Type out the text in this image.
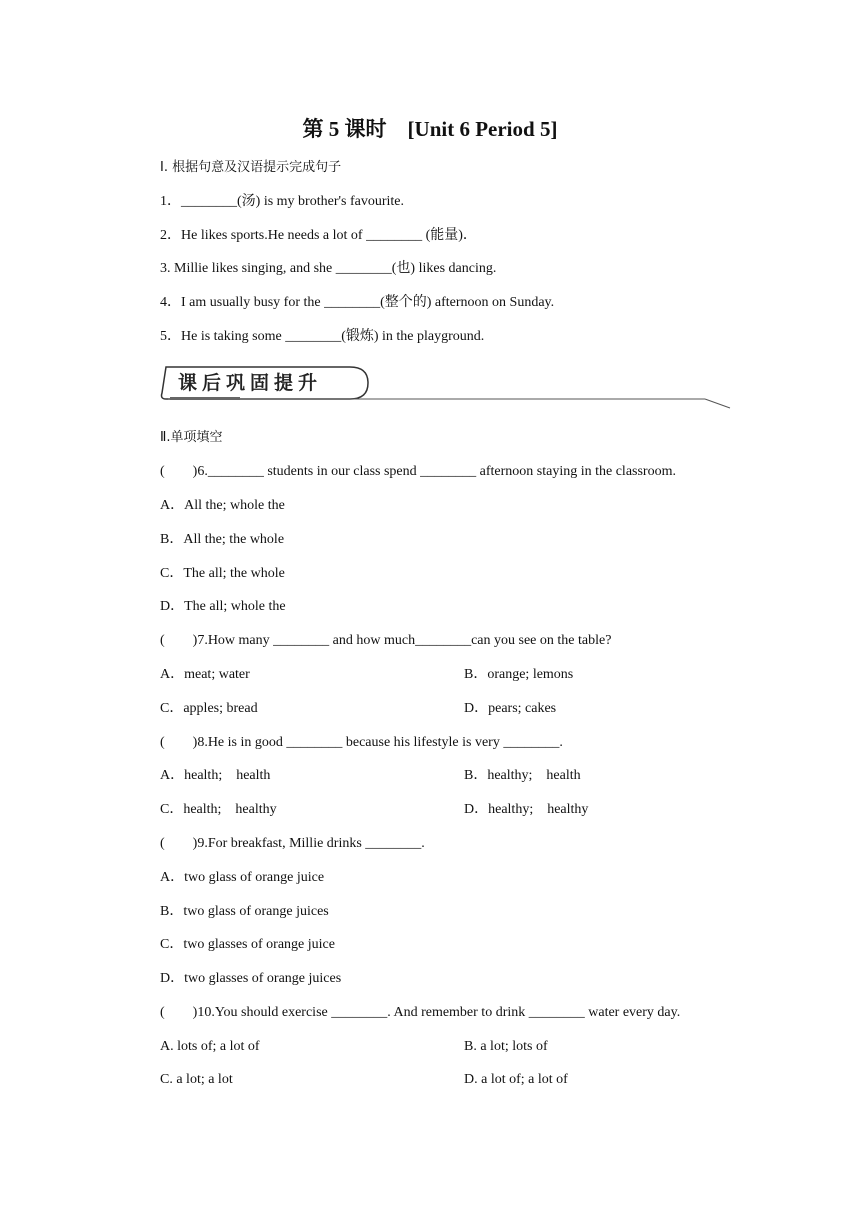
第 5 课时　[Unit 6 Period 5]
Ⅰ. 根据句意及汉语提示完成句子
1．________(汤) is my brother's favourite.
2．He likes sports.He needs a lot of ________ (能量)．
3. Millie likes singing, and she ________(也) likes dancing.
4．I am usually busy for the ________(整个的) afternoon on Sunday.
5．He is taking some ________(锻炼) in the playground.
课后巩固提升
Ⅱ.单项填空
(　　)6.________ students in our class spend ________ afternoon staying in the classroom.
A．All the; whole the
B．All the; the whole
C．The all; the whole
D．The all; whole the
(　　)7.How many ________ and how much________can you see on the table?
A．meat; water	B．orange; lemons
C．apples; bread	D．pears; cakes
(　　)8.He is in good ________ because his lifestyle is very ________.
A．health;　health	B．healthy;　health
C．health;　healthy	D．healthy;　healthy
(　　)9.For breakfast, Millie drinks ________.
A．two glass of orange juice
B．two glass of orange juices
C．two glasses of orange juice
D．two glasses of orange juices
(　　)10.You should exercise ________. And remember to drink ________ water every day.
A. lots of; a lot of	B. a lot; lots of
C. a lot; a lot	D. a lot of; a lot of
